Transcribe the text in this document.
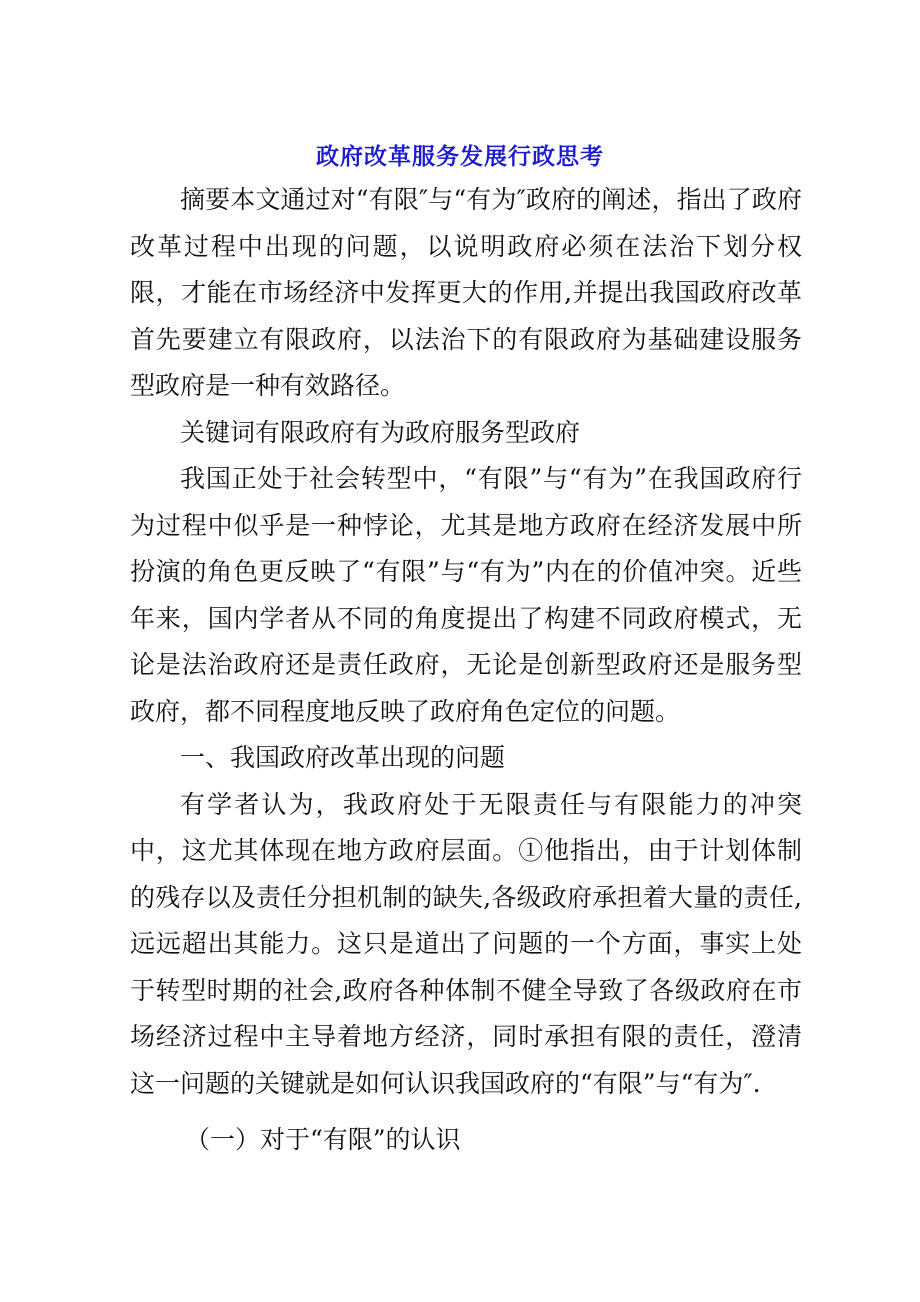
政府改革服务发展行政思考

摘要本文通过对“有限″与“有为″政府的阐述，指出了政府改革过程中出现的问题，以说明政府必须在法治下划分权限，才能在市场经济中发挥更大的作用,并提出我国政府改革首先要建立有限政府，以法治下的有限政府为基础建设服务型政府是一种有效路径。

关键词有限政府有为政府服务型政府

我国正处于社会转型中，“有限”与“有为”在我国政府行为过程中似乎是一种悖论，尤其是地方政府在经济发展中所扮演的角色更反映了“有限”与“有为”内在的价值冲突。近些年来，国内学者从不同的角度提出了构建不同政府模式，无论是法治政府还是责任政府，无论是创新型政府还是服务型政府，都不同程度地反映了政府角色定位的问题。

一、我国政府改革出现的问题

有学者认为，我政府处于无限责任与有限能力的冲突中，这尤其体现在地方政府层面。①他指出，由于计划体制的残存以及责任分担机制的缺失,各级政府承担着大量的责任,远远超出其能力。这只是道出了问题的一个方面，事实上处于转型时期的社会,政府各种体制不健全导致了各级政府在市场经济过程中主导着地方经济，同时承担有限的责任，澄清这一问题的关键就是如何认识我国政府的“有限”与“有为″.

（一）对于“有限”的认识
